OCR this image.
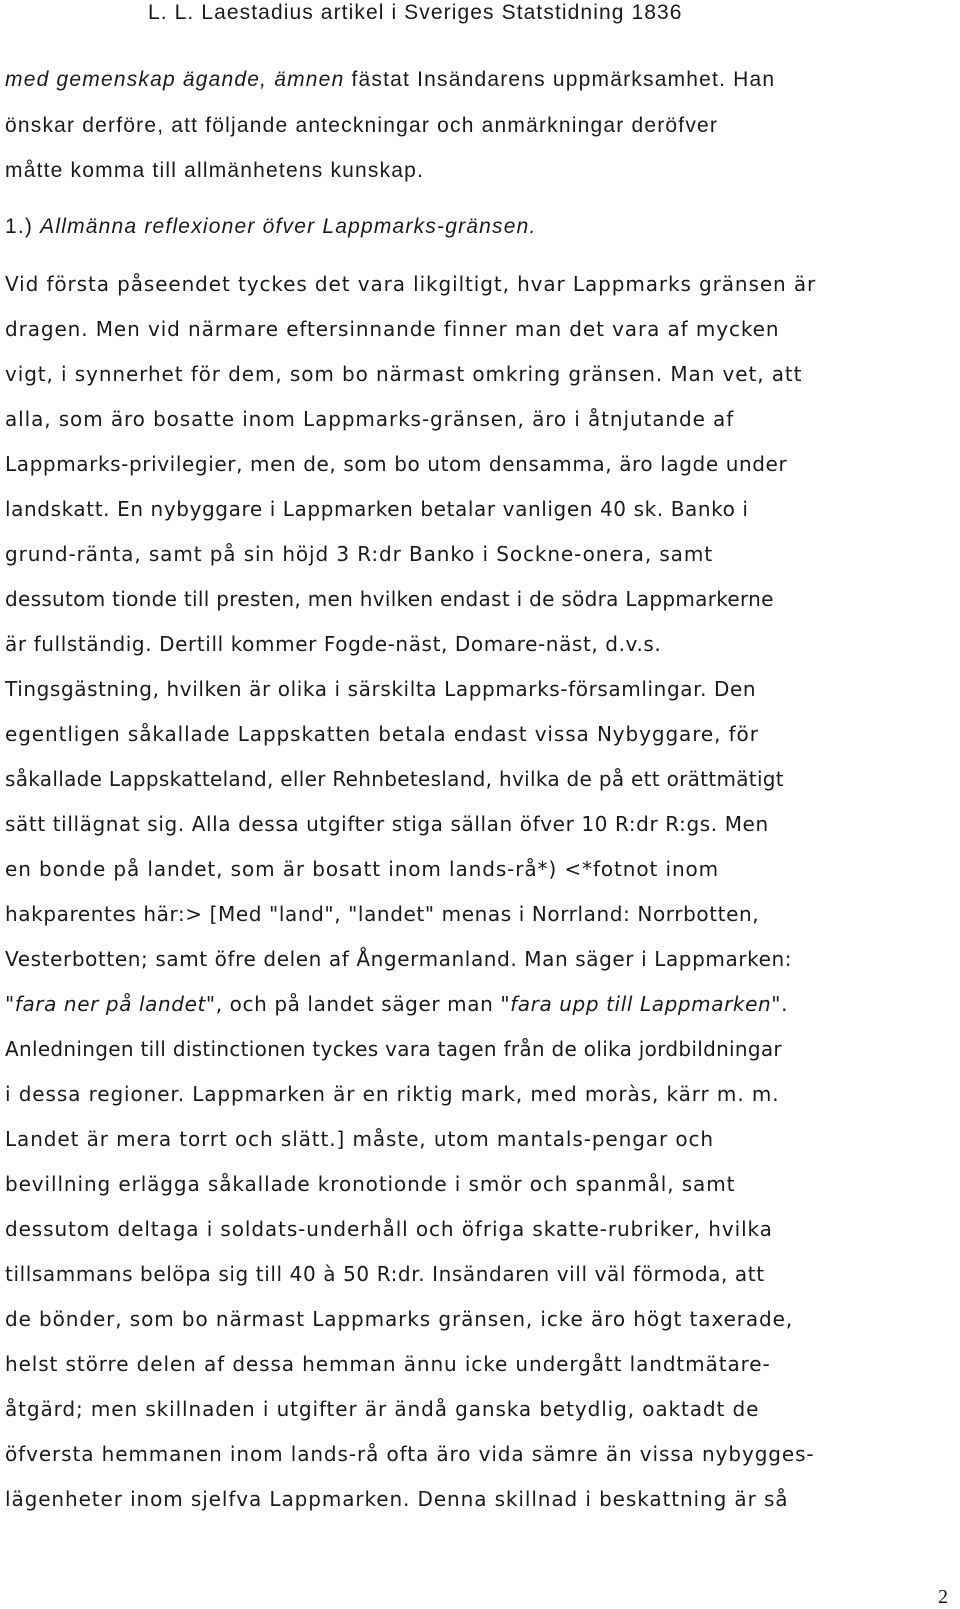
L. L. Laestadius artikel i Sveriges Statstidning 1836
med gemenskap ägande, ämnen fästat Insändarens uppmärksamhet. Han
önskar derföre, att följande anteckningar och anmärkningar deröfver
måtte komma till allmänhetens kunskap.
1.) Allmänna reflexioner öfver Lappmarks-gränsen.
Vid första påseendet tyckes det vara likgiltigt, hvar Lappmarks gränsen är
dragen. Men vid närmare eftersinnande finner man det vara af mycken
vigt, i synnerhet för dem, som bo närmast omkring gränsen. Man vet, att
alla, som äro bosatte inom Lappmarks-gränsen, äro i åtnjutande af
Lappmarks-privilegier, men de, som bo utom densamma, äro lagde under
landskatt. En nybyggare i Lappmarken betalar vanligen 40 sk. Banko i
grund-ränta, samt på sin höjd 3 R:dr Banko i Sockne-onera, samt
dessutom tionde till presten, men hvilken endast i de södra Lappmarkerne
är fullständig. Dertill kommer Fogde-näst, Domare-näst, d.v.s.
Tingsgästning, hvilken är olika i särskilta Lappmarks-församlingar. Den
egentligen såkallade Lappskatten betala endast vissa Nybyggare, för
såkallade Lappskatteland, eller Rehnbetesland, hvilka de på ett orättmätigt
sätt tillägnat sig. Alla dessa utgifter stiga sällan öfver 10 R:dr R:gs. Men
en bonde på landet, som är bosatt inom lands-rå*) <*fotnot inom
hakparentes här:> [Med "land", "landet" menas i Norrland: Norrbotten,
Vesterbotten; samt öfre delen af Ångermanland. Man säger i Lappmarken:
"fara ner på landet", och på landet säger man "fara upp till Lappmarken".
Anledningen till distinctionen tyckes vara tagen från de olika jordbildningar
i dessa regioner. Lappmarken är en riktig mark, med moràs, kärr m. m.
Landet är mera torrt och slätt.] måste, utom mantals-pengar och
bevillning erlägga såkallade kronotionde i smör och spanmål, samt
dessutom deltaga i soldats-underhåll och öfriga skatte-rubriker, hvilka
tillsammans belöpa sig till 40 à 50 R:dr. Insändaren vill väl förmoda, att
de bönder, som bo närmast Lappmarks gränsen, icke äro högt taxerade,
helst större delen af dessa hemman ännu icke undergått landtmätare-
åtgärd; men skillnaden i utgifter är ändå ganska betydlig, oaktadt de
öfversta hemmanen inom lands-rå ofta äro vida sämre än vissa nybygges-
lägenheter inom sjelfva Lappmarken. Denna skillnad i beskattning är så
2
